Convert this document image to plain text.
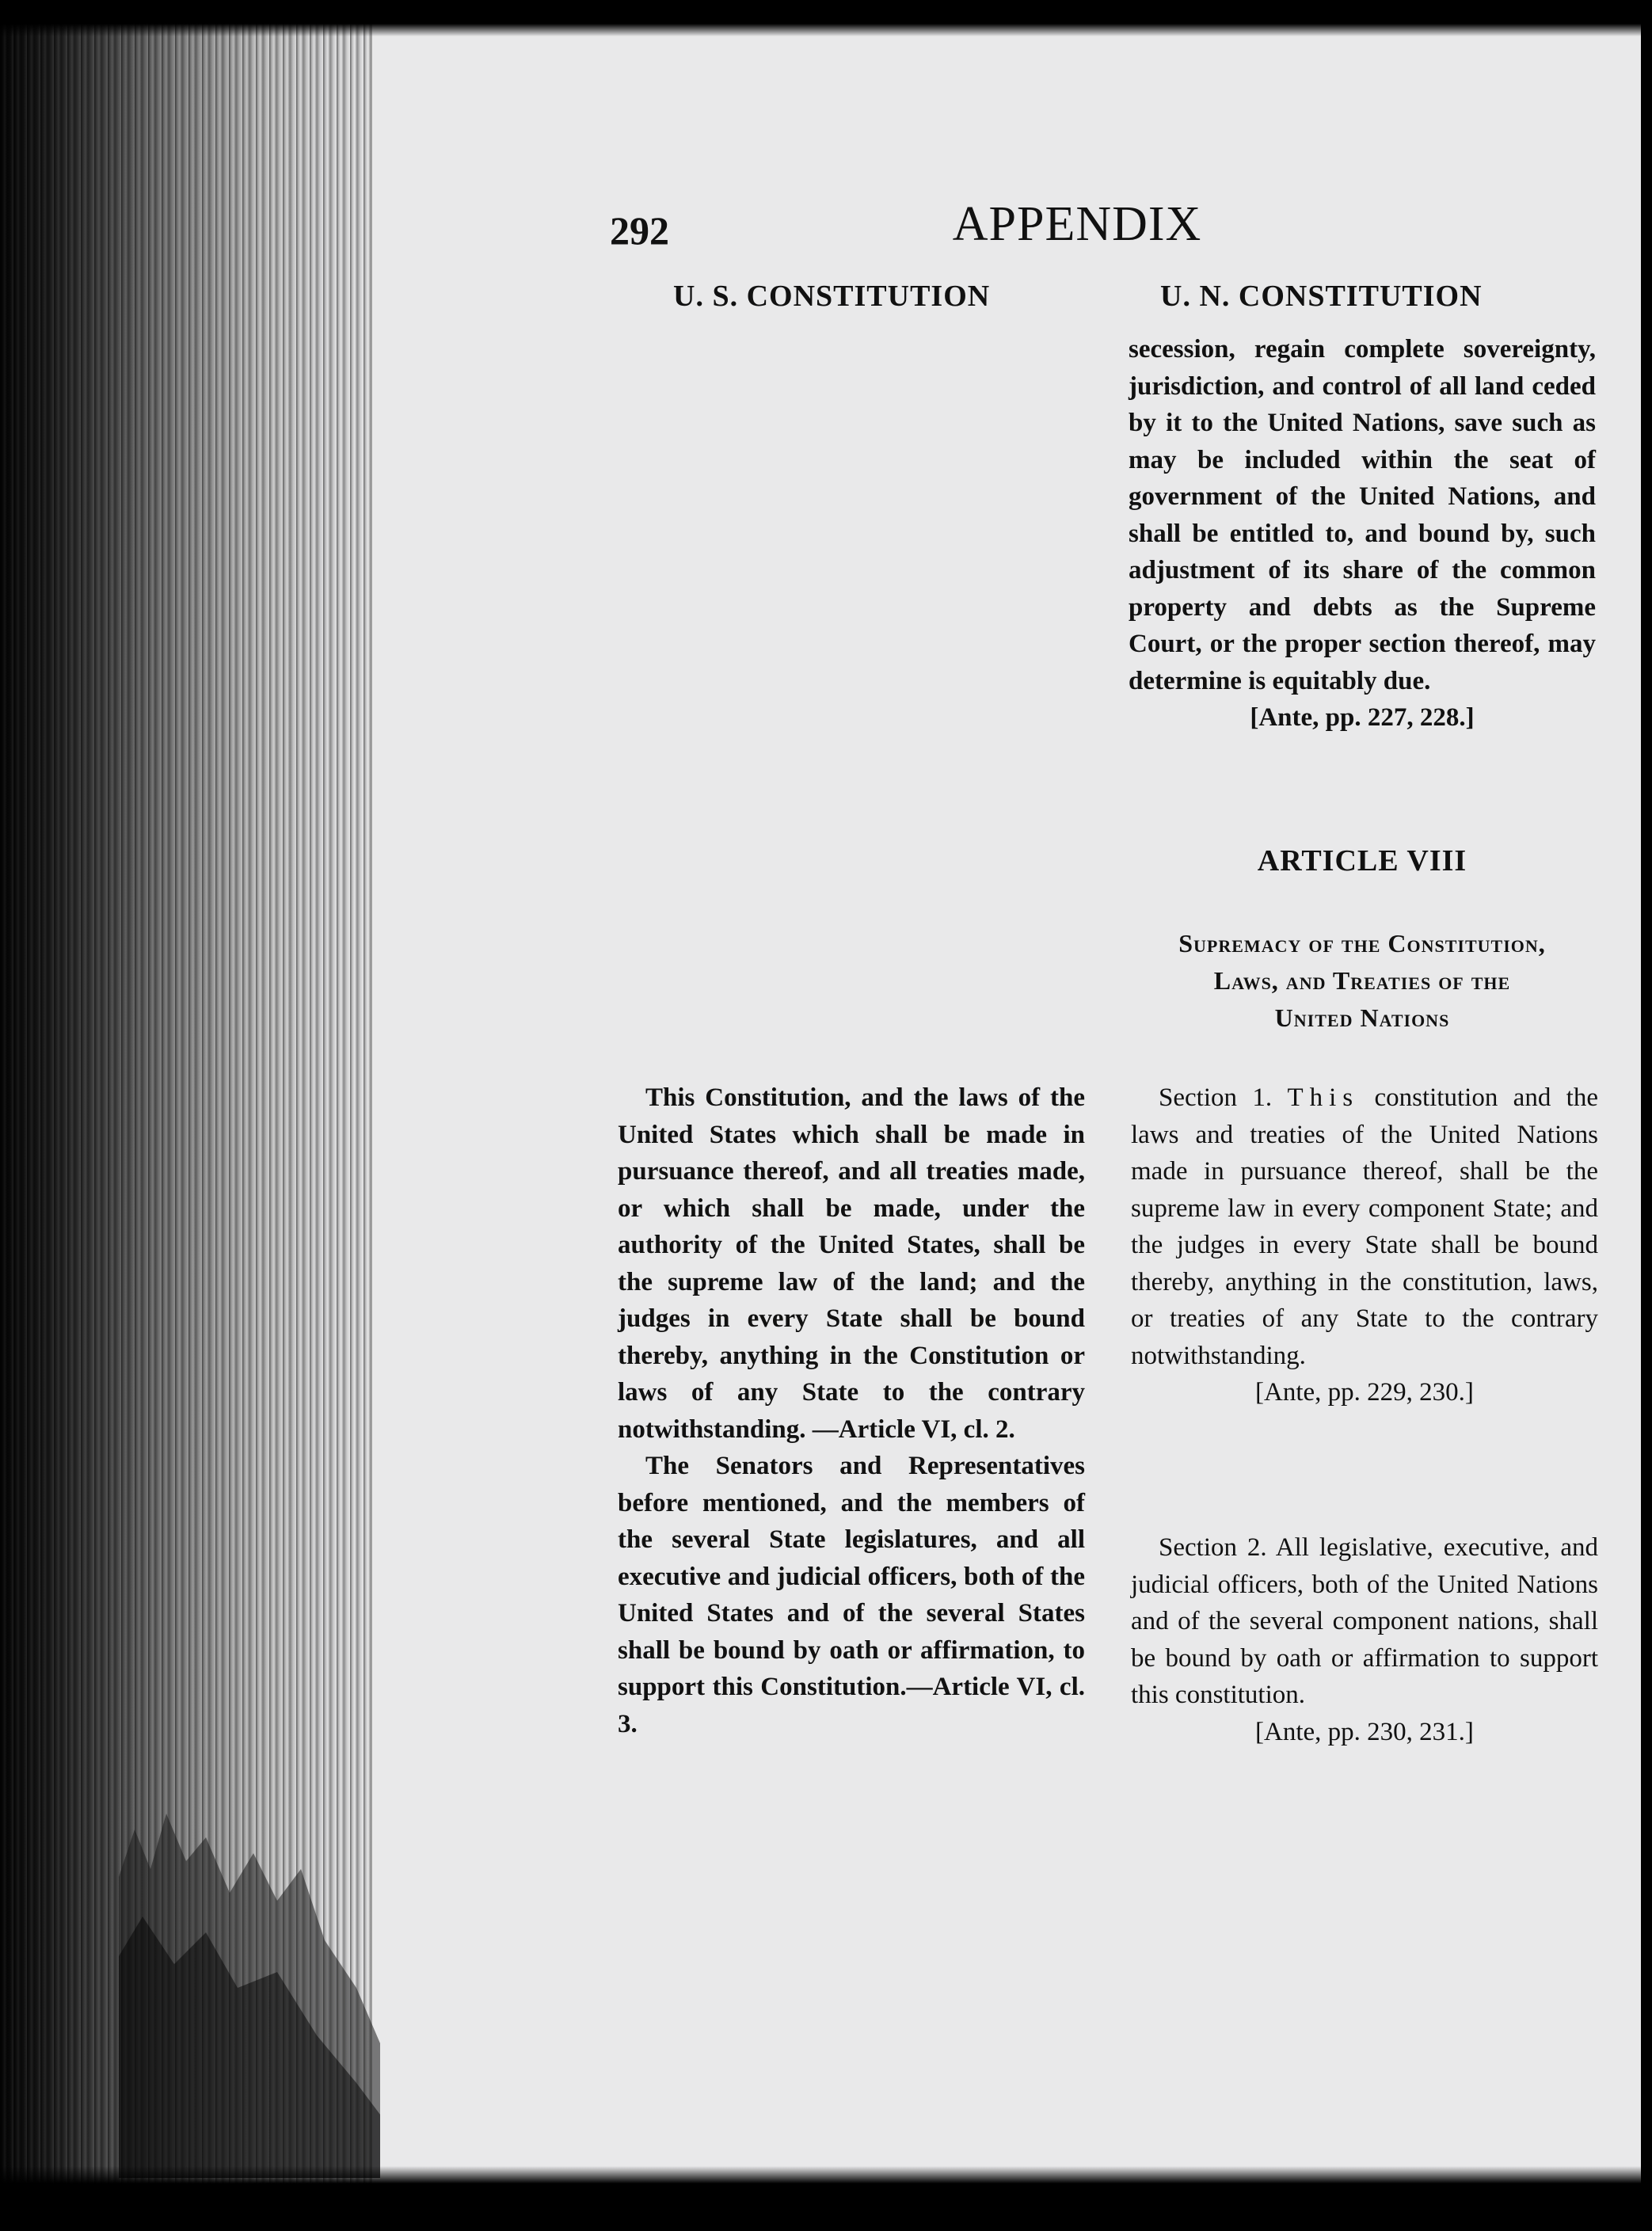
292	APPENDIX
U. S. CONSTITUTION	U. N. CONSTITUTION

secession, regain complete sovereignty, jurisdiction, and control of all land ceded by it to the United Nations, save such as may be included within the seat of government of the United Nations, and shall be entitled to, and bound by, such adjustment of its share of the common property and debts as the Supreme Court, or the proper section thereof, may determine is equitably due.

[Ante, pp. 227, 228.]

ARTICLE VIII
Supremacy of the Constitution,
Laws, and Treaties of the
United Nations

This Constitution, and the laws of the United States which shall be made in pursuance thereof, and all treaties made, or which shall be made, under the authority of the United States, shall be the supreme law of the land; and the judges in every State shall be bound thereby, anything in the Constitution or laws of any State to the contrary notwithstanding. —Article VI, cl. 2.

The Senators and Representatives before mentioned, and the members of the several State legislatures, and all executive and judicial officers, both of the United States and of the several States shall be bound by oath or affirmation, to support this Constitution.—Article VI, cl. 3.

Section 1. This constitution and the laws and treaties of the United Nations made in pursuance thereof, shall be the supreme law in every component State; and the judges in every State shall be bound thereby, anything in the constitution, laws, or treaties of any State to the contrary notwithstanding.

[Ante, pp. 229, 230.]

Section 2. All legislative, executive, and judicial officers, both of the United Nations and of the several component nations, shall be bound by oath or affirmation to support this constitution.

[Ante, pp. 230, 231.]
